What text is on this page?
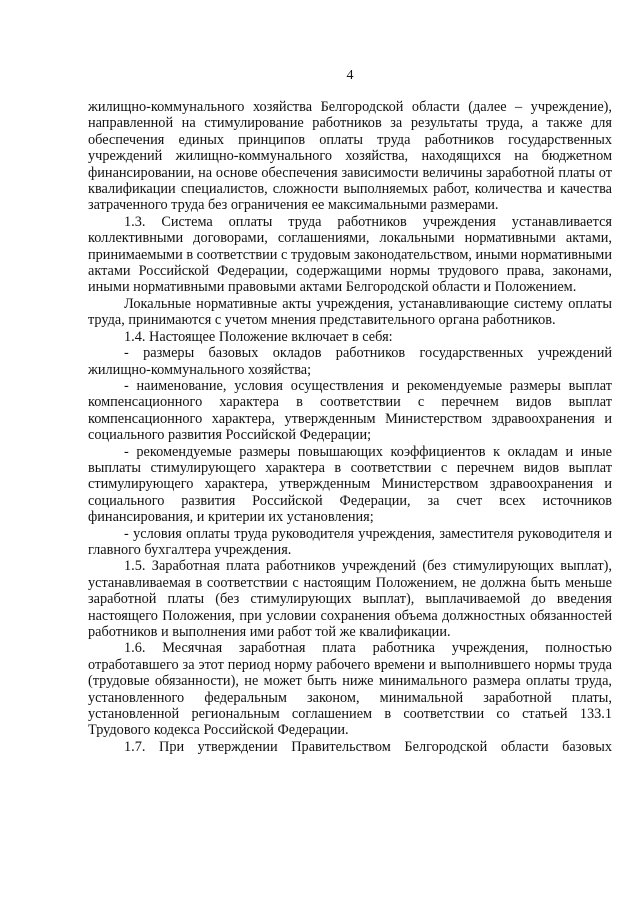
4

жилищно-коммунального хозяйства Белгородской области (далее – учреждение), направленной на стимулирование работников за результаты труда, а также для обеспечения единых принципов оплаты труда работников государственных учреждений жилищно-коммунального хозяйства, находящихся на бюджетном финансировании, на основе обеспечения зависимости величины заработной платы от квалификации специалистов, сложности выполняемых работ, количества и качества затраченного труда без ограничения ее максимальными размерами.

1.3. Система оплаты труда работников учреждения устанавливается коллективными договорами, соглашениями, локальными нормативными актами, принимаемыми в соответствии с трудовым законодательством, иными нормативными актами Российской Федерации, содержащими нормы трудового права, законами, иными нормативными правовыми актами Белгородской области и Положением.

Локальные нормативные акты учреждения, устанавливающие систему оплаты труда, принимаются с учетом мнения представительного органа работников.

1.4. Настоящее Положение включает в себя:

- размеры базовых окладов работников государственных учреждений жилищно-коммунального хозяйства;

- наименование, условия осуществления и рекомендуемые размеры выплат компенсационного характера в соответствии с перечнем видов выплат компенсационного характера, утвержденным Министерством здравоохранения и социального развития Российской Федерации;

- рекомендуемые размеры повышающих коэффициентов к окладам и иные выплаты стимулирующего характера в соответствии с перечнем видов выплат стимулирующего характера, утвержденным Министерством здравоохранения и социального развития Российской Федерации, за счет всех источников финансирования, и критерии их установления;

- условия оплаты труда руководителя учреждения, заместителя руководителя и главного бухгалтера учреждения.

1.5. Заработная плата работников учреждений (без стимулирующих выплат), устанавливаемая в соответствии с настоящим Положением, не должна быть меньше заработной платы (без стимулирующих выплат), выплачиваемой до введения настоящего Положения, при условии сохранения объема должностных обязанностей работников и выполнения ими работ той же квалификации.

1.6. Месячная заработная плата работника учреждения, полностью отработавшего за этот период норму рабочего времени и выполнившего нормы труда (трудовые обязанности), не может быть ниже минимального размера оплаты труда, установленного федеральным законом, минимальной заработной платы, установленной региональным соглашением в соответствии со статьей 133.1 Трудового кодекса Российской Федерации.

1.7. При утверждении Правительством Белгородской области базовых
